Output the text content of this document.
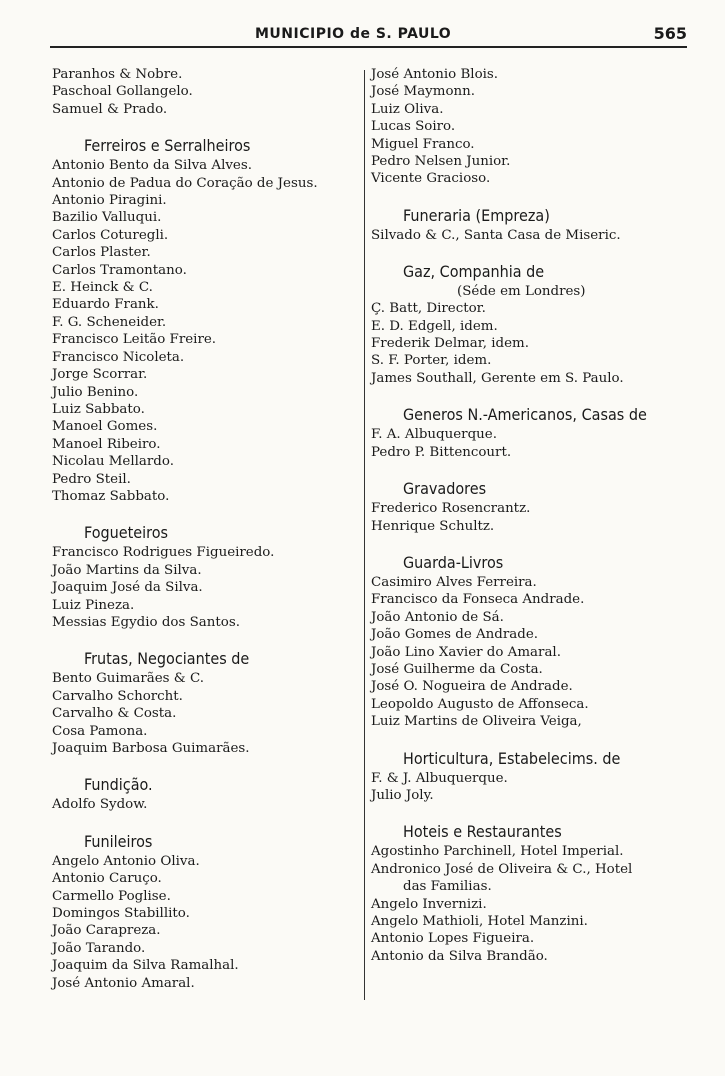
MUNICIPIO de S. PAULO	565
Paranhos & Nobre.
Paschoal Gollangelo.
Samuel & Prado.
Ferreiros e Serralheiros
Antonio Bento da Silva Alves.
Antonio de Padua do Coração de Jesus.
Antonio Piragini.
Bazilio Valluqui.
Carlos Coturegli.
Carlos Plaster.
Carlos Tramontano.
E. Heinck & C.
Eduardo Frank.
F. G. Scheneider.
Francisco Leitão Freire.
Francisco Nicoleta.
Jorge Scorrar.
Julio Benino.
Luiz Sabbato.
Manoel Gomes.
Manoel Ribeiro.
Nicolau Mellardo.
Pedro Steil.
Thomaz Sabbato.
Fogueteiros
Francisco Rodrigues Figueiredo.
João Martins da Silva.
Joaquim José da Silva.
Luiz Pineza.
Messias Egydio dos Santos.
Frutas, Negociantes de
Bento Guimarães & C.
Carvalho Schorcht.
Carvalho & Costa.
Cosa Pamona.
Joaquim Barbosa Guimarães.
Fundição.
Adolfo Sydow.
Funileiros
Angelo Antonio Oliva.
Antonio Caruço.
Carmello Poglise.
Domingos Stabillito.
João Carapreza.
João Tarando.
Joaquim da Silva Ramalhal.
José Antonio Amaral.
José Antonio Blois.
José Maymonn.
Luiz Oliva.
Lucas Soiro.
Miguel Franco.
Pedro Nelsen Junior.
Vicente Gracioso.
Funeraria (Empreza)
Silvado & C., Santa Casa de Miseric.
Gaz, Companhia de
(Séde em Londres)
Ç. Batt, Director.
E. D. Edgell, idem.
Frederik Delmar, idem.
S. F. Porter, idem.
James Southall, Gerente em S. Paulo.
Generos N.-Americanos, Casas de
F. A. Albuquerque.
Pedro P. Bittencourt.
Gravadores
Frederico Rosencrantz.
Henrique Schultz.
Guarda-Livros
Casimiro Alves Ferreira.
Francisco da Fonseca Andrade.
João Antonio de Sá.
João Gomes de Andrade.
João Lino Xavier do Amaral.
José Guilherme da Costa.
José O. Nogueira de Andrade.
Leopoldo Augusto de Affonseca.
Luiz Martins de Oliveira Veiga,
Horticultura, Estabelecims. de
F. & J. Albuquerque.
Julio Joly.
Hoteis e Restaurantes
Agostinho Parchinell, Hotel Imperial.
Andronico José de Oliveira & C., Hotel
das Familias.
Angelo Invernizi.
Angelo Mathioli, Hotel Manzini.
Antonio Lopes Figueira.
Antonio da Silva Brandão.
